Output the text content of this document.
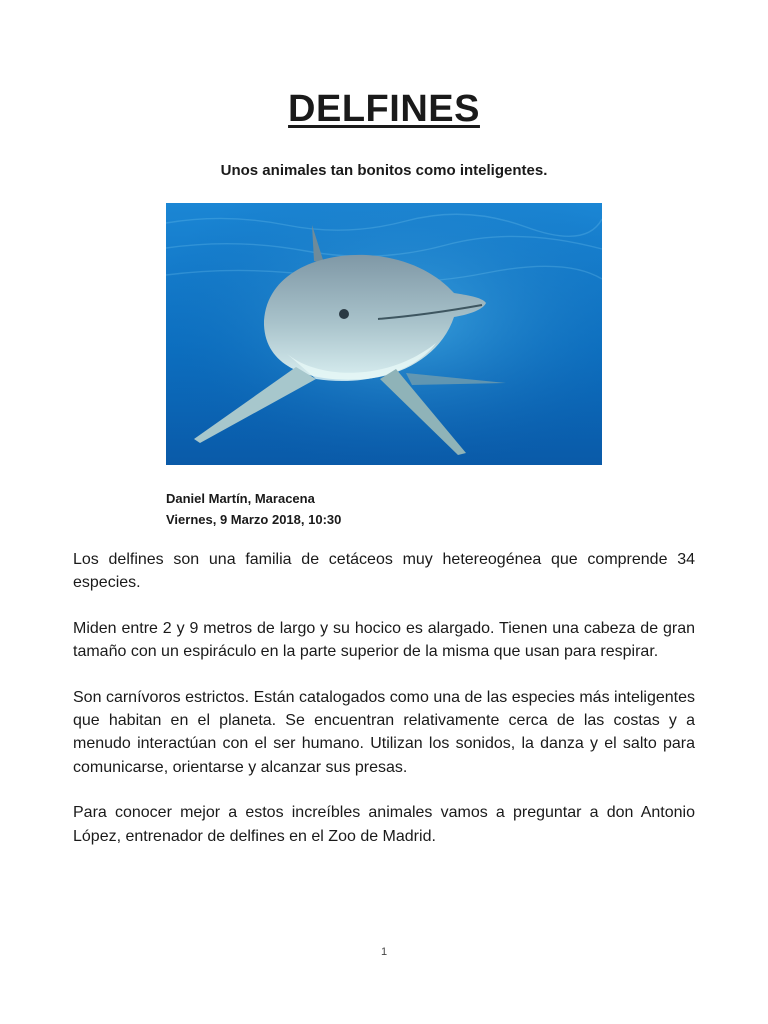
DELFINES
Unos animales tan bonitos como inteligentes.
Daniel Martín, Maracena
Viernes, 9 Marzo 2018, 10:30

Los delfines son una familia de cetáceos muy hetereogénea que comprende 34 especies.

Miden entre 2 y 9 metros de largo y su hocico es alargado. Tienen una cabeza de gran tamaño con un espiráculo en la parte superior de la misma que usan para respirar.

Son carnívoros estrictos. Están catalogados como una de las especies más inteligentes que habitan en el planeta. Se encuentran relativamente cerca de las costas y a menudo interactúan con el ser humano. Utilizan los sonidos, la danza y el salto para comunicarse, orientarse y alcanzar sus presas.

Para conocer mejor a estos increíbles animales vamos a preguntar a don Antonio López, entrenador de delfines en el Zoo de Madrid.

1
